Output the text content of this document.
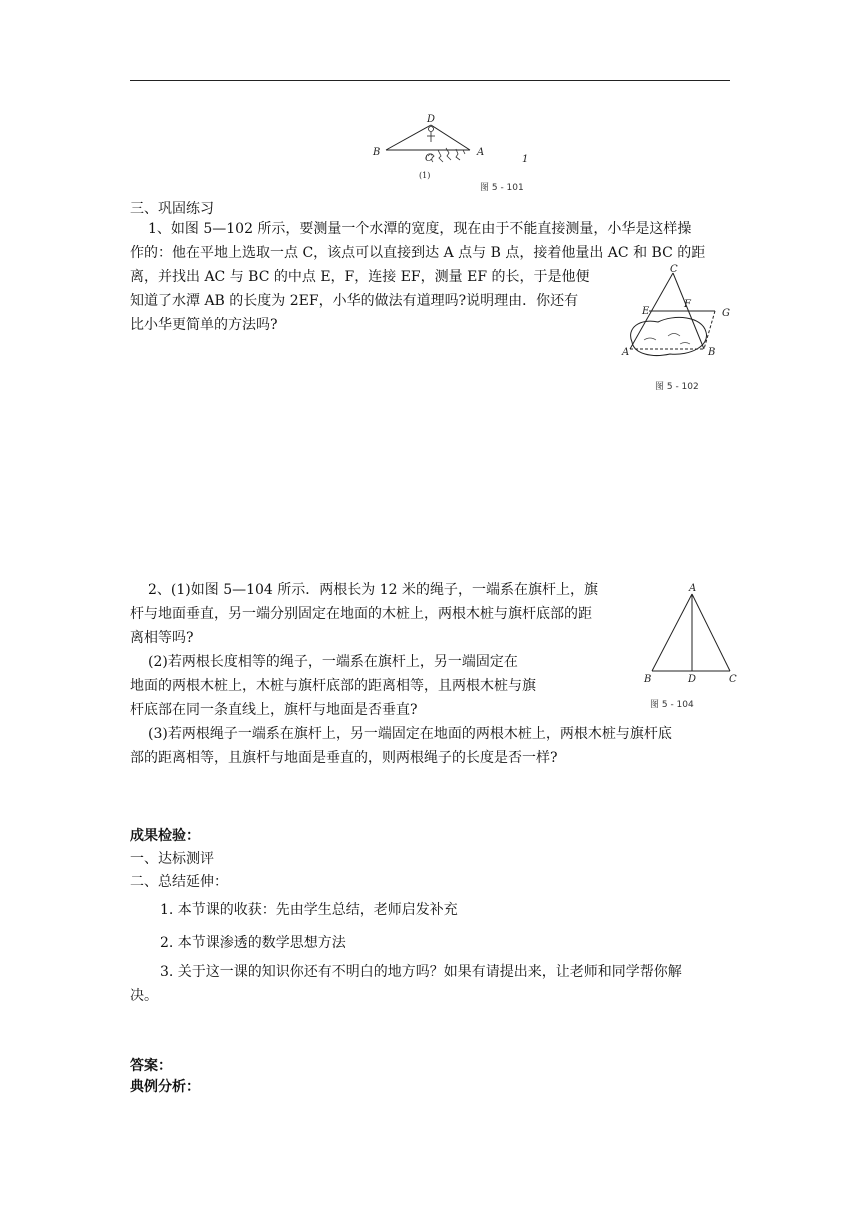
D
B
C
A
(1)
1
图 5 - 101
三、巩固练习
1、如图 5—102 所示，要测量一个水潭的宽度，现在由于不能直接测量，小华是这样操
作的：他在平地上选取一点 C，该点可以直接到达 A 点与 B 点，接着他量出 AC 和 BC 的距
离，并找出 AC 与 BC 的中点 E，F，连接 EF，测量 EF 的长，于是他便
知道了水潭 AB 的长度为 2EF，小华的做法有道理吗?说明理由．你还有
比小华更简单的方法吗?
C
E
F
G
A	B
图 5 - 102
2、(1)如图 5—104 所示．两根长为 12 米的绳子，一端系在旗杆上，旗
杆与地面垂直，另一端分别固定在地面的木桩上，两根木桩与旗杆底部的距
离相等吗?
(2)若两根长度相等的绳子，一端系在旗杆上，另一端固定在
地面的两根木桩上，木桩与旗杆底部的距离相等，且两根木桩与旗
杆底部在同一条直线上，旗杆与地面是否垂直?
(3)若两根绳子一端系在旗杆上，另一端固定在地面的两根木桩上，两根木桩与旗杆底
部的距离相等，且旗杆与地面是垂直的，则两根绳子的长度是否一样?
A
B	D	C
图 5 - 104
成果检验：
一、达标测评
二、总结延伸：
1. 本节课的收获：先由学生总结，老师启发补充
2. 本节课渗透的数学思想方法
3. 关于这一课的知识你还有不明白的地方吗？如果有请提出来，让老师和同学帮你解
决。
答案：
典例分析：
